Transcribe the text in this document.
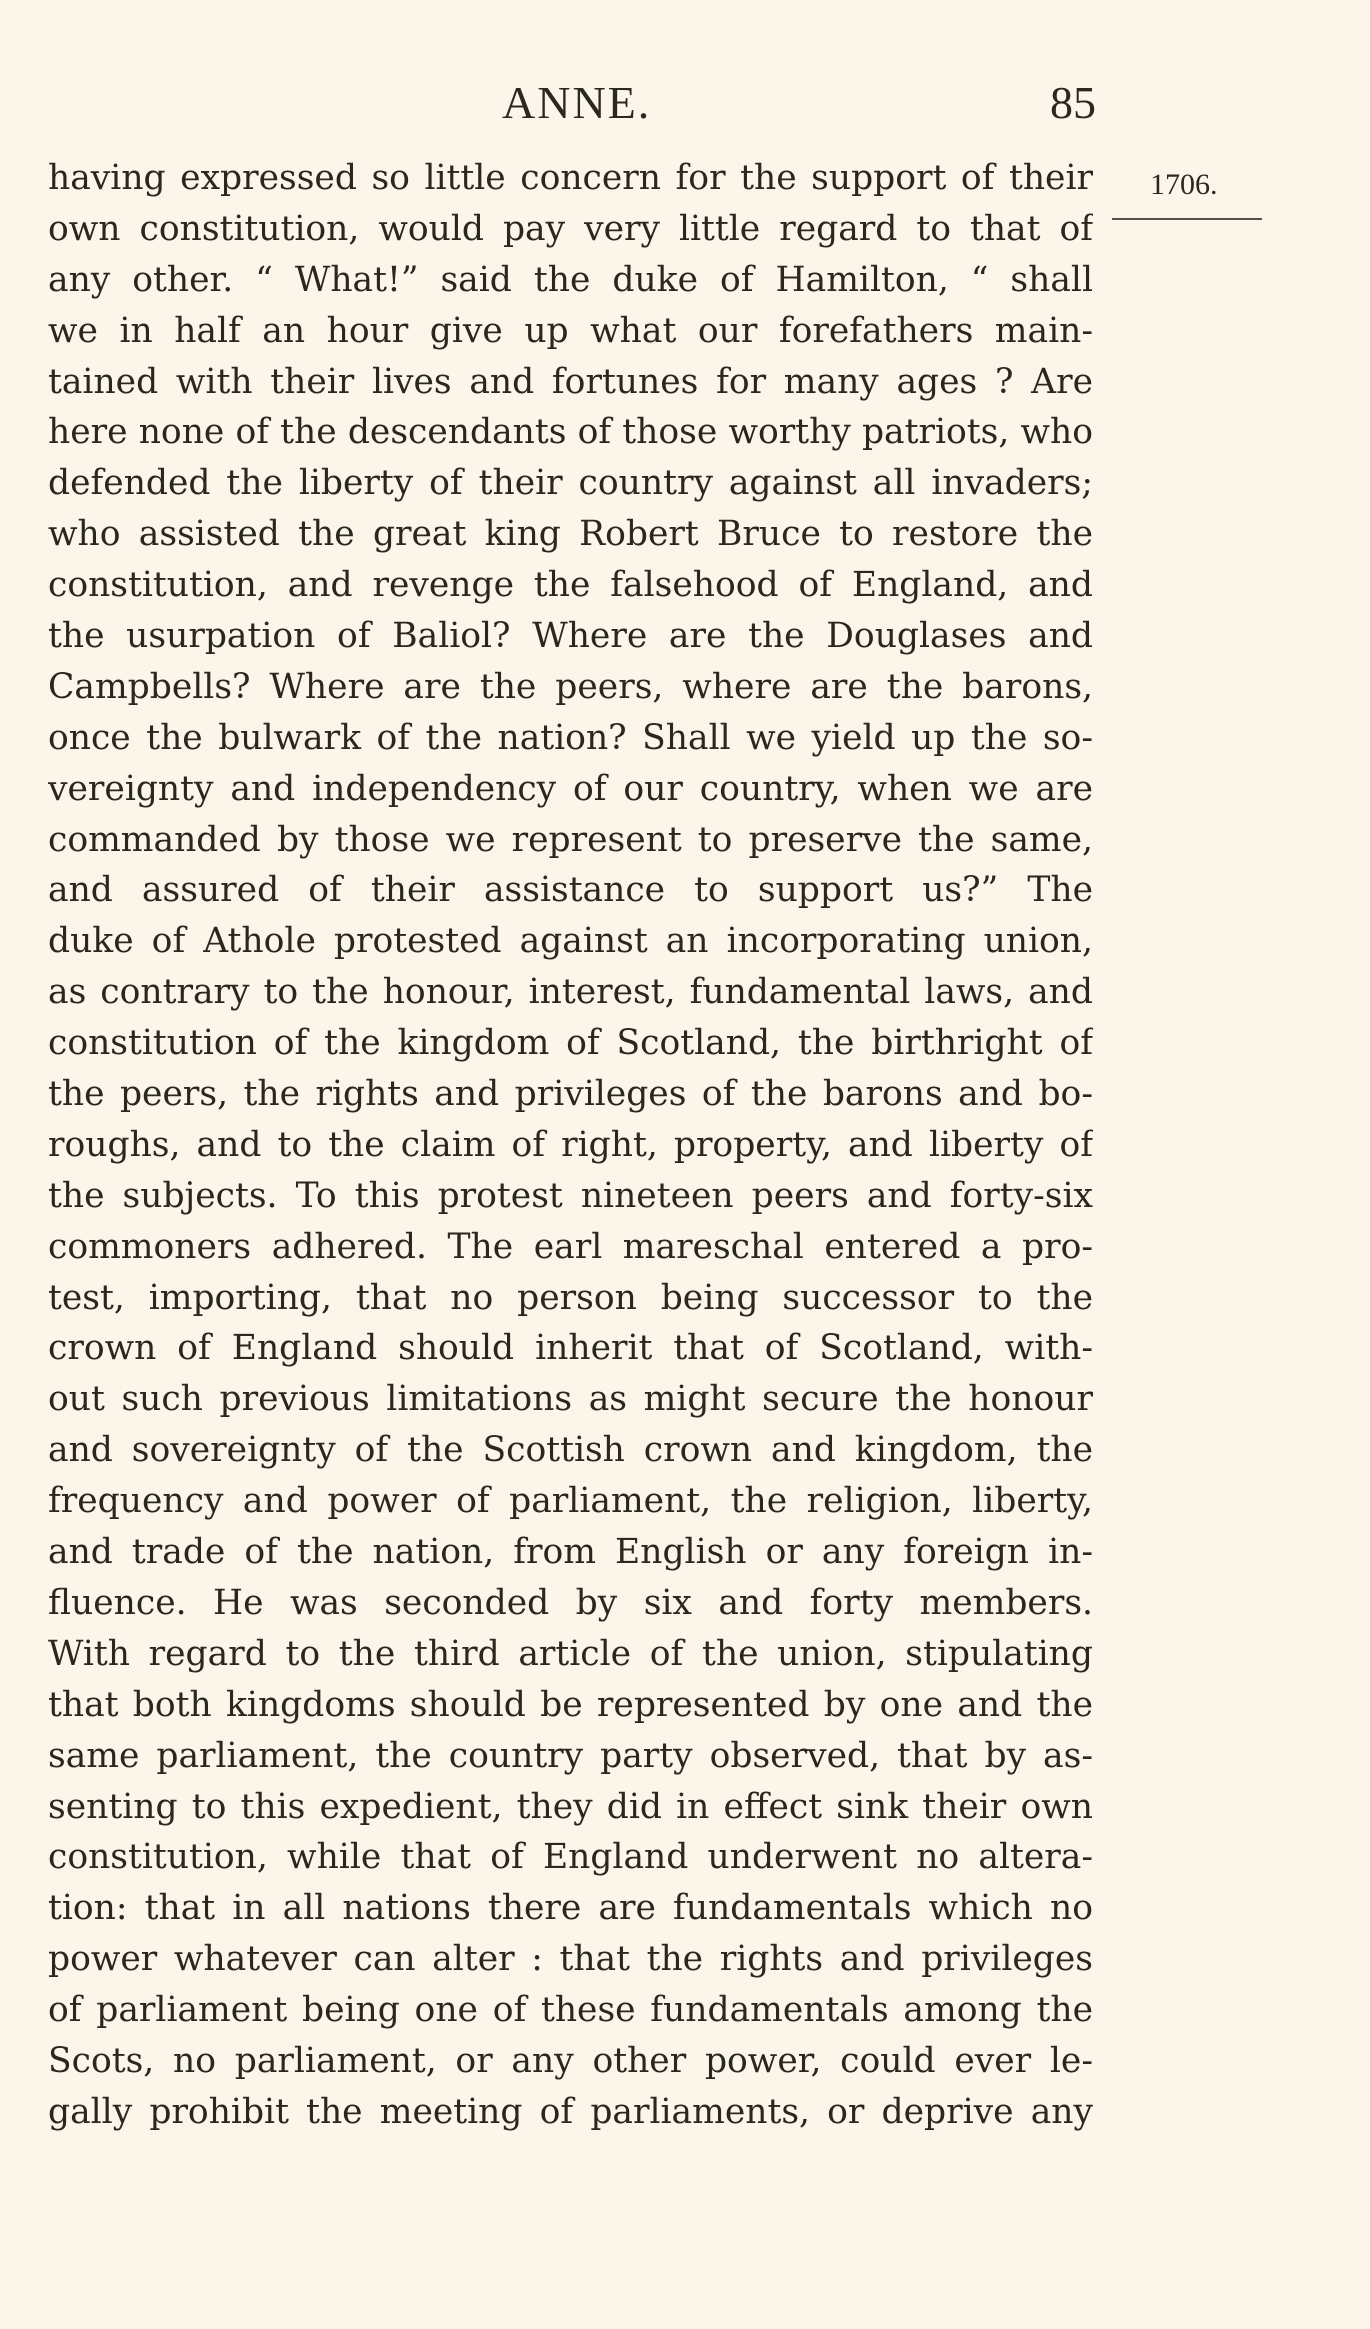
ANNE.	85
1706.
having expressed so little concern for the support of their
own constitution, would pay very little regard to that of
any other. “ What!” said the duke of Hamilton, “ shall
we in half an hour give up what our forefathers main-
tained with their lives and fortunes for many ages ? Are
here none of the descendants of those worthy patriots, who
defended the liberty of their country against all invaders;
who assisted the great king Robert Bruce to restore the
constitution, and revenge the falsehood of England, and
the usurpation of Baliol? Where are the Douglases and
Campbells? Where are the peers, where are the barons,
once the bulwark of the nation? Shall we yield up the so-
vereignty and independency of our country, when we are
commanded by those we represent to preserve the same,
and assured of their assistance to support us?” The
duke of Athole protested against an incorporating union,
as contrary to the honour, interest, fundamental laws, and
constitution of the kingdom of Scotland, the birthright of
the peers, the rights and privileges of the barons and bo-
roughs, and to the claim of right, property, and liberty of
the subjects. To this protest nineteen peers and forty-six
commoners adhered. The earl mareschal entered a pro-
test, importing, that no person being successor to the
crown of England should inherit that of Scotland, with-
out such previous limitations as might secure the honour
and sovereignty of the Scottish crown and kingdom, the
frequency and power of parliament, the religion, liberty,
and trade of the nation, from English or any foreign in-
fluence. He was seconded by six and forty members.
With regard to the third article of the union, stipulating
that both kingdoms should be represented by one and the
same parliament, the country party observed, that by as-
senting to this expedient, they did in effect sink their own
constitution, while that of England underwent no altera-
tion: that in all nations there are fundamentals which no
power whatever can alter : that the rights and privileges
of parliament being one of these fundamentals among the
Scots, no parliament, or any other power, could ever le-
gally prohibit the meeting of parliaments, or deprive any
